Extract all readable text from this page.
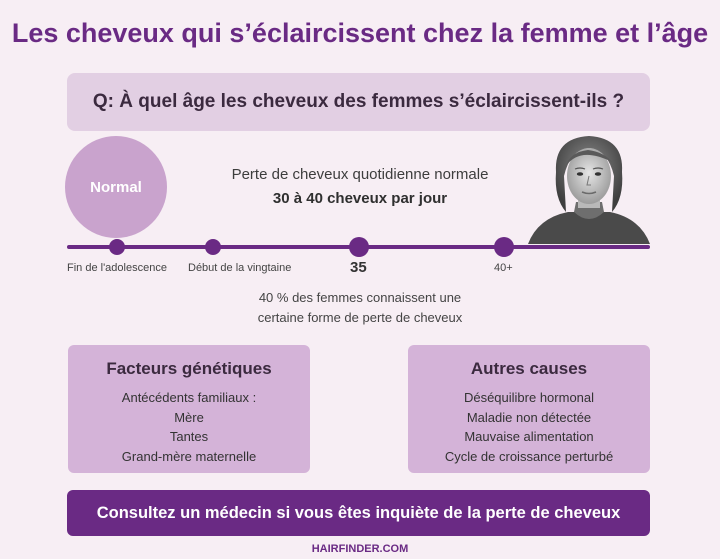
Les cheveux qui s’éclaircissent chez la femme et l’âge
Q: À quel âge les cheveux des femmes s’éclaircissent-ils ?
Normal
Perte de cheveux quotidienne normale
30 à 40 cheveux par jour
Fin de l'adolescence Début de la vingtaine	35	40+
40 % des femmes connaissent une
certaine forme de perte de cheveux
Facteurs génétiques
Antécédents familiaux :
Mère
Tantes
Grand-mère maternelle
Autres causes
Déséquilibre hormonal
Maladie non détectée
Mauvaise alimentation
Cycle de croissance perturbé
Consultez un médecin si vous êtes inquiète de la perte de cheveux
HAIRFINDER.COM
